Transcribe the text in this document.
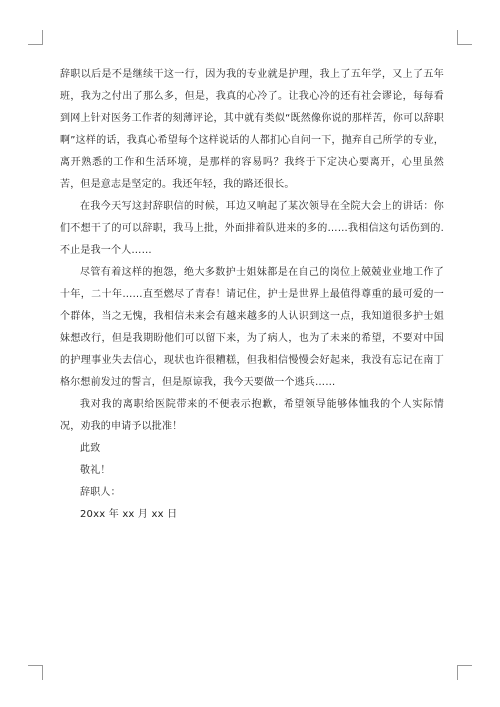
辞职以后是不是继续干这一行，因为我的专业就是护理，我上了五年学，又上了五年班，我为之付出了那么多，但是，我真的心冷了。让我心冷的还有社会谬论，每每看到网上针对医务工作者的刻薄评论，其中就有类似“既然像你说的那样苦，你可以辞职啊”这样的话，我真心希望每个这样说话的人都扪心自问一下，抛弃自己所学的专业，离开熟悉的工作和生活环境，是那样的容易吗？我终于下定决心要离开，心里虽然苦，但是意志是坚定的。我还年轻，我的路还很长。

在我今天写这封辞职信的时候，耳边又响起了某次领导在全院大会上的讲话：你们不想干了的可以辞职，我马上批，外面排着队进来的多的……我相信这句话伤到的.不止是我一个人……

尽管有着这样的抱怨，绝大多数护士姐妹都是在自己的岗位上兢兢业业地工作了十年，二十年……直至燃尽了青春！请记住，护士是世界上最值得尊重的最可爱的一个群体，当之无愧，我相信未来会有越来越多的人认识到这一点，我知道很多护士姐妹想改行，但是我期盼他们可以留下来，为了病人，也为了未来的希望，不要对中国的护理事业失去信心，现状也许很糟糕，但我相信慢慢会好起来，我没有忘记在南丁格尔想前发过的誓言，但是原谅我，我今天要做一个逃兵……

我对我的离职给医院带来的不便表示抱歉，希望领导能够体恤我的个人实际情况，劝我的申请予以批准！

此致

敬礼！

辞职人：

20xx 年 xx 月 xx 日
